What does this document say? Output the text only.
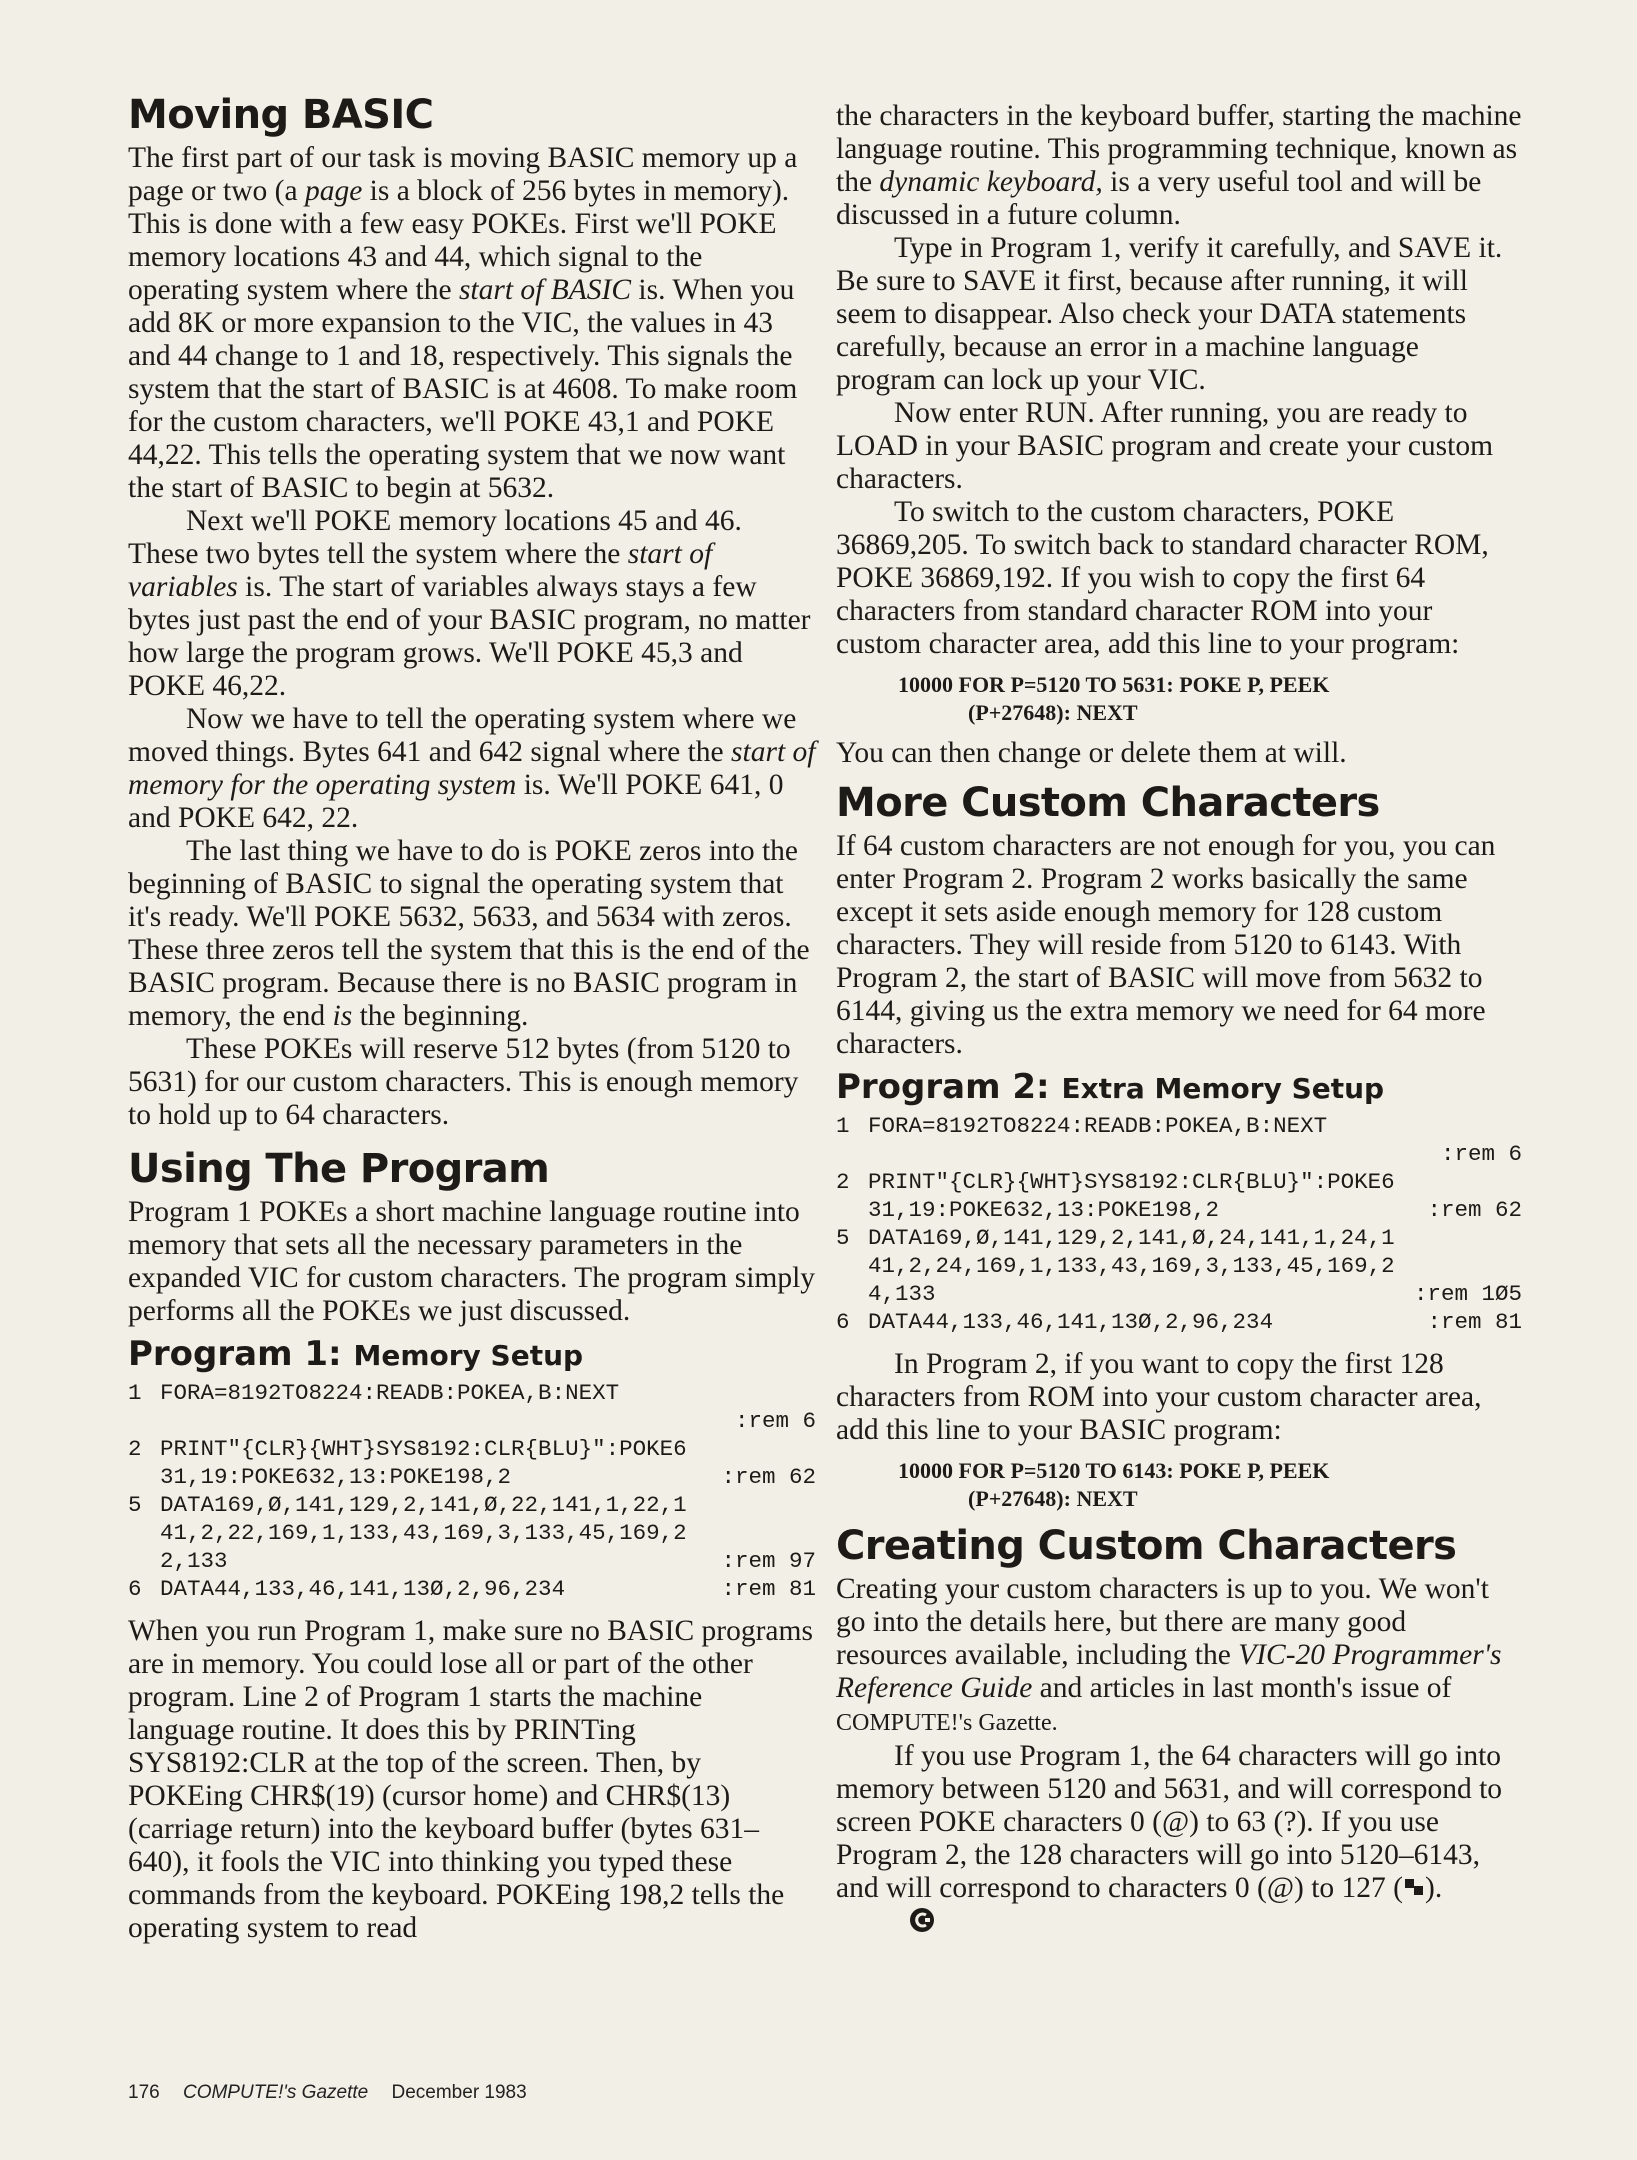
Moving BASIC

The first part of our task is moving BASIC memory up a page or two (a page is a block of 256 bytes in memory). This is done with a few easy POKEs. First we'll POKE memory locations 43 and 44, which signal to the operating system where the start of BASIC is. When you add 8K or more expansion to the VIC, the values in 43 and 44 change to 1 and 18, respectively. This signals the system that the start of BASIC is at 4608. To make room for the custom characters, we'll POKE 43,1 and POKE 44,22. This tells the operating system that we now want the start of BASIC to begin at 5632.

Next we'll POKE memory locations 45 and 46. These two bytes tell the system where the start of variables is. The start of variables always stays a few bytes just past the end of your BASIC program, no matter how large the program grows. We'll POKE 45,3 and POKE 46,22.

Now we have to tell the operating system where we moved things. Bytes 641 and 642 signal where the start of memory for the operating system is. We'll POKE 641, 0 and POKE 642, 22.

The last thing we have to do is POKE zeros into the beginning of BASIC to signal the operating system that it's ready. We'll POKE 5632, 5633, and 5634 with zeros. These three zeros tell the system that this is the end of the BASIC program. Because there is no BASIC program in memory, the end is the beginning.

These POKEs will reserve 512 bytes (from 5120 to 5631) for our custom characters. This is enough memory to hold up to 64 characters.

Using The Program

Program 1 POKEs a short machine language routine into memory that sets all the necessary parameters in the expanded VIC for custom characters. The program simply performs all the POKEs we just discussed.

Program 1: Memory Setup
1 FORA=8192TO8224:READB:POKEA,B:NEXT
:rem 6
2 PRINT"{CLR}{WHT}SYS8192:CLR{BLU}":POKE6
31,19:POKE632,13:POKE198,2	:rem 62
5 DATA169,Ø,141,129,2,141,Ø,22,141,1,22,1
41,2,22,169,1,133,43,169,3,133,45,169,2
2,133	:rem 97
6 DATA44,133,46,141,13Ø,2,96,234	:rem 81

When you run Program 1, make sure no BASIC programs are in memory. You could lose all or part of the other program. Line 2 of Program 1 starts the machine language routine. It does this by PRINTing SYS8192:CLR at the top of the screen. Then, by POKEing CHR$(19) (cursor home) and CHR$(13) (carriage return) into the keyboard buffer (bytes 631–640), it fools the VIC into thinking you typed these commands from the keyboard. POKEing 198,2 tells the operating system to read

the characters in the keyboard buffer, starting the machine language routine. This programming technique, known as the dynamic keyboard, is a very useful tool and will be discussed in a future column.

Type in Program 1, verify it carefully, and SAVE it. Be sure to SAVE it first, because after running, it will seem to disappear. Also check your DATA statements carefully, because an error in a machine language program can lock up your VIC.

Now enter RUN. After running, you are ready to LOAD in your BASIC program and create your custom characters.

To switch to the custom characters, POKE 36869,205. To switch back to standard character ROM, POKE 36869,192. If you wish to copy the first 64 characters from standard character ROM into your custom character area, add this line to your program:

10000 FOR P=5120 TO 5631: POKE P, PEEK
(P+27648): NEXT

You can then change or delete them at will.

More Custom Characters

If 64 custom characters are not enough for you, you can enter Program 2. Program 2 works basically the same except it sets aside enough memory for 128 custom characters. They will reside from 5120 to 6143. With Program 2, the start of BASIC will move from 5632 to 6144, giving us the extra memory we need for 64 more characters.

Program 2: Extra Memory Setup
1 FORA=8192TO8224:READB:POKEA,B:NEXT
:rem 6
2 PRINT"{CLR}{WHT}SYS8192:CLR{BLU}":POKE6
31,19:POKE632,13:POKE198,2	:rem 62
5 DATA169,Ø,141,129,2,141,Ø,24,141,1,24,1
41,2,24,169,1,133,43,169,3,133,45,169,2
4,133	:rem 1Ø5
6 DATA44,133,46,141,13Ø,2,96,234	:rem 81

In Program 2, if you want to copy the first 128 characters from ROM into your custom character area, add this line to your BASIC program:

10000 FOR P=5120 TO 6143: POKE P, PEEK
(P+27648): NEXT
Creating Custom Characters

Creating your custom characters is up to you. We won't go into the details here, but there are many good resources available, including the VIC-20 Programmer's Reference Guide and articles in last month's issue of COMPUTE!'s Gazette.

If you use Program 1, the 64 characters will go into memory between 5120 and 5631, and will correspond to screen POKE characters 0 (@) to 63 (?). If you use Program 2, the 128 characters will go into 5120–6143, and will correspond to characters 0 (@) to 127 ( ).

176 COMPUTE!'s Gazette December 1983
